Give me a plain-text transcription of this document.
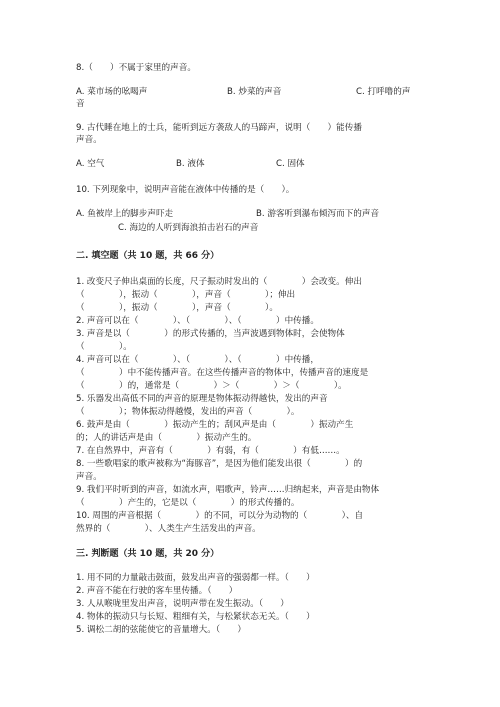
8.（　　）不属于家里的声音。
A. 菜市场的吆喝声	B. 炒菜的声音	C. 打呼噜的声
音
9. 古代睡在地上的士兵，能听到远方袭敌人的马蹄声，说明（　　）能传播
声音。
A. 空气	B. 液体	C. 固体
10. 下列现象中，说明声音能在液体中传播的是（　　）。
A. 鱼被岸上的脚步声吓走	B. 游客听到瀑布倾泻而下的声音
C. 海边的人听到海浪拍击岩石的声音
二. 填空题（共 10 题，共 66 分）
1. 改变尺子伸出桌面的长度，尺子振动时发出的（　　　　）会改变。伸出
（　　　　），振动（　　　　），声音（　　　　）；伸出
（　　　　），振动（　　　　），声音（　　　　）。
2. 声音可以在（　　　　）、（　　　　）、（　　　　）中传播。
3. 声音是以（　　　　）的形式传播的，当声波遇到物体时，会使物体
（　　　　）。
4. 声音可以在（　　　　）、（　　　　）、（　　　　）中传播，
（　　　　）中不能传播声音。在这些传播声音的物体中，传播声音的速度是
（　　　　）的，通常是（　　　　）＞（　　　　）＞（　　　　）。
5. 乐器发出高低不同的声音的原理是物体振动得越快，发出的声音
（　　　　）；物体振动得越慢，发出的声音（　　　　）。
6. 鼓声是由（　　　　）振动产生的；刮风声是由（　　　　）振动产生
的；人的讲话声是由（　　　　）振动产生的。
7. 在自然界中，声音有（　　　　）有弱，有（　　　　）有低……。
8. 一些歌唱家的歌声被称为“海豚音”，是因为他们能发出很（　　　　）的
声音。
9. 我们平时听到的声音，如流水声，唱歌声，铃声……归纳起来，声音是由物体
（　　　　）产生的，它是以（　　　　）的形式传播的。
10. 周围的声音根据（　　　　）的不同，可以分为动物的（　　　　）、自
然界的（　　　　）、人类生产生活发出的声音。
三. 判断题（共 10 题，共 20 分）
1. 用不同的力量敲击鼓面，鼓发出声音的强弱都一样。（　　）
2. 声音不能在行驶的客车里传播。（　　）
3. 人从喉咙里发出声音，说明声带在发生振动。（　　）
4. 物体的振动只与长短、粗细有关，与松紧状态无关。（　　）
5. 调松二胡的弦能使它的音量增大。（　　）
